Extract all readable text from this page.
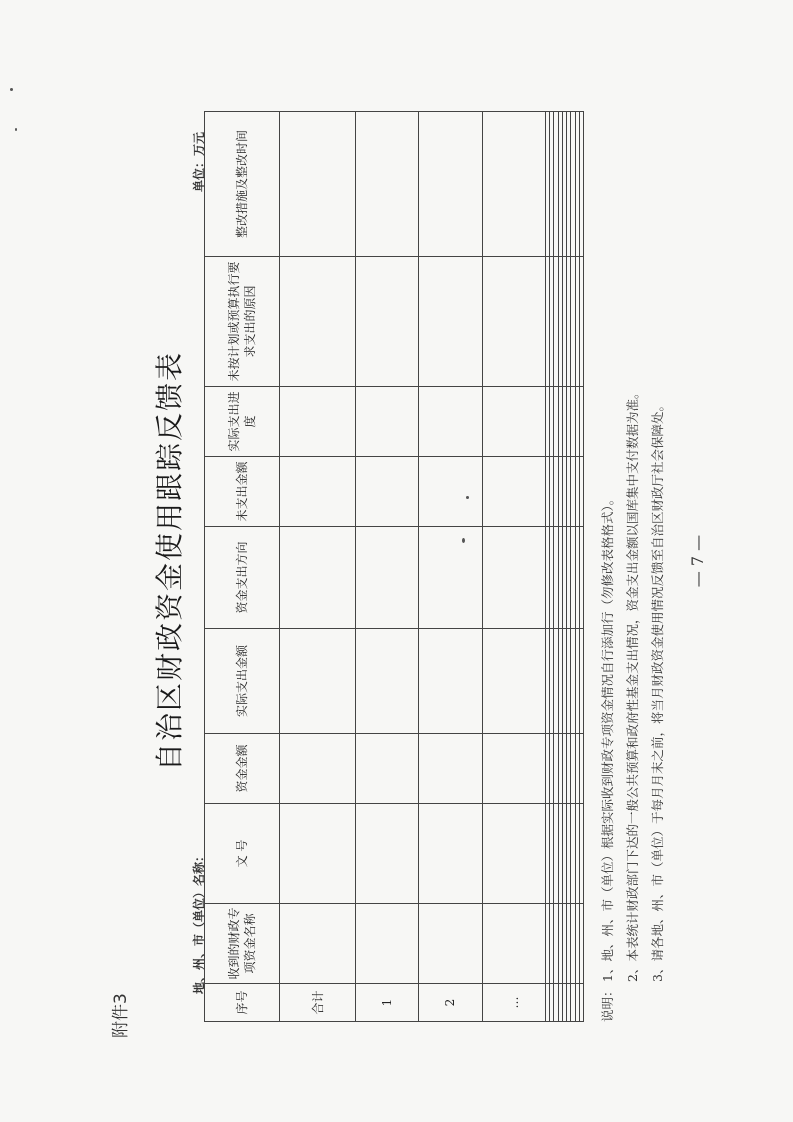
附件3
自治区财政资金使用跟踪反馈表
地、州、市（单位）名称：
单位：万元
序号	收到的财政专项资金名称	文 号	资金金额	实际支出金额	资金支出方向	未支出金额	实际支出进度	未按计划或预算执行要求支出的原因	整改措施及整改时间
合计									
1									
2									
…									

										说明：1、地、州、市（单位）根据实际收到财政专项资金情况自行添加行（勿修改表格格式）。 2、本表统计财政部门下达的一般公共预算和政府性基金支出情况，资金支出金额以国库集中支付数据为准。 3、请各地、州、市（单位）于每月月末之前，将当月财政资金使用情况反馈至自治区财政厅社会保障处。	— 7 —
